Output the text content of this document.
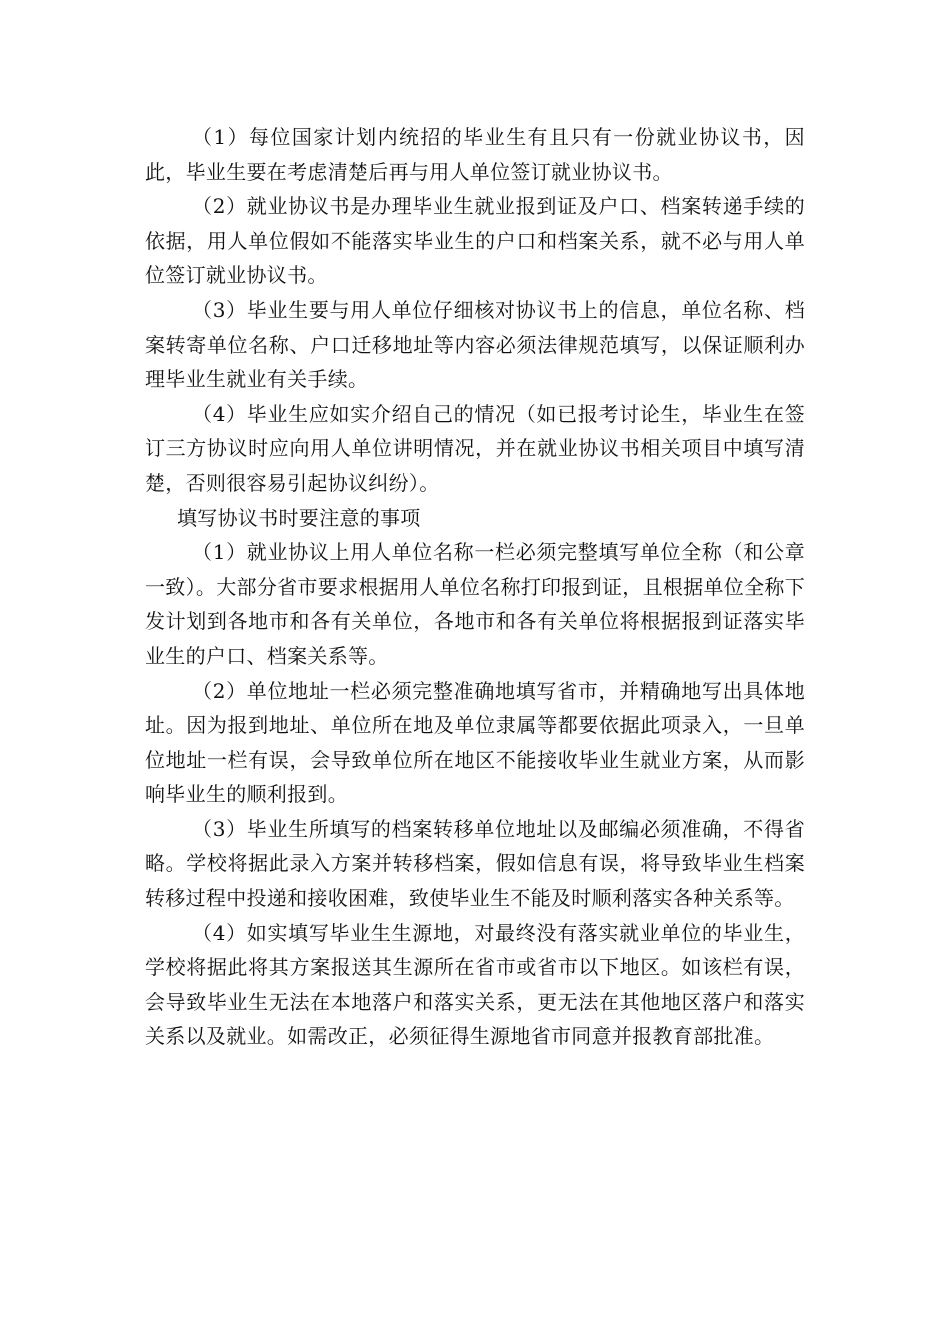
（1）每位国家计划内统招的毕业生有且只有一份就业协议书，因此，毕业生要在考虑清楚后再与用人单位签订就业协议书。

（2）就业协议书是办理毕业生就业报到证及户口、档案转递手续的依据，用人单位假如不能落实毕业生的户口和档案关系，就不必与用人单位签订就业协议书。

（3）毕业生要与用人单位仔细核对协议书上的信息，单位名称、档案转寄单位名称、户口迁移地址等内容必须法律规范填写，以保证顺利办理毕业生就业有关手续。

（4）毕业生应如实介绍自己的情况（如已报考讨论生，毕业生在签订三方协议时应向用人单位讲明情况，并在就业协议书相关项目中填写清楚，否则很容易引起协议纠纷）。

填写协议书时要注意的事项

（1）就业协议上用人单位名称一栏必须完整填写单位全称（和公章一致）。大部分省市要求根据用人单位名称打印报到证，且根据单位全称下发计划到各地市和各有关单位，各地市和各有关单位将根据报到证落实毕业生的户口、档案关系等。

（2）单位地址一栏必须完整准确地填写省市，并精确地写出具体地址。因为报到地址、单位所在地及单位隶属等都要依据此项录入，一旦单位地址一栏有误，会导致单位所在地区不能接收毕业生就业方案，从而影响毕业生的顺利报到。

（3）毕业生所填写的档案转移单位地址以及邮编必须准确，不得省略。学校将据此录入方案并转移档案，假如信息有误，将导致毕业生档案转移过程中投递和接收困难，致使毕业生不能及时顺利落实各种关系等。

（4）如实填写毕业生生源地，对最终没有落实就业单位的毕业生，学校将据此将其方案报送其生源所在省市或省市以下地区。如该栏有误，会导致毕业生无法在本地落户和落实关系，更无法在其他地区落户和落实关系以及就业。如需改正，必须征得生源地省市同意并报教育部批准。
